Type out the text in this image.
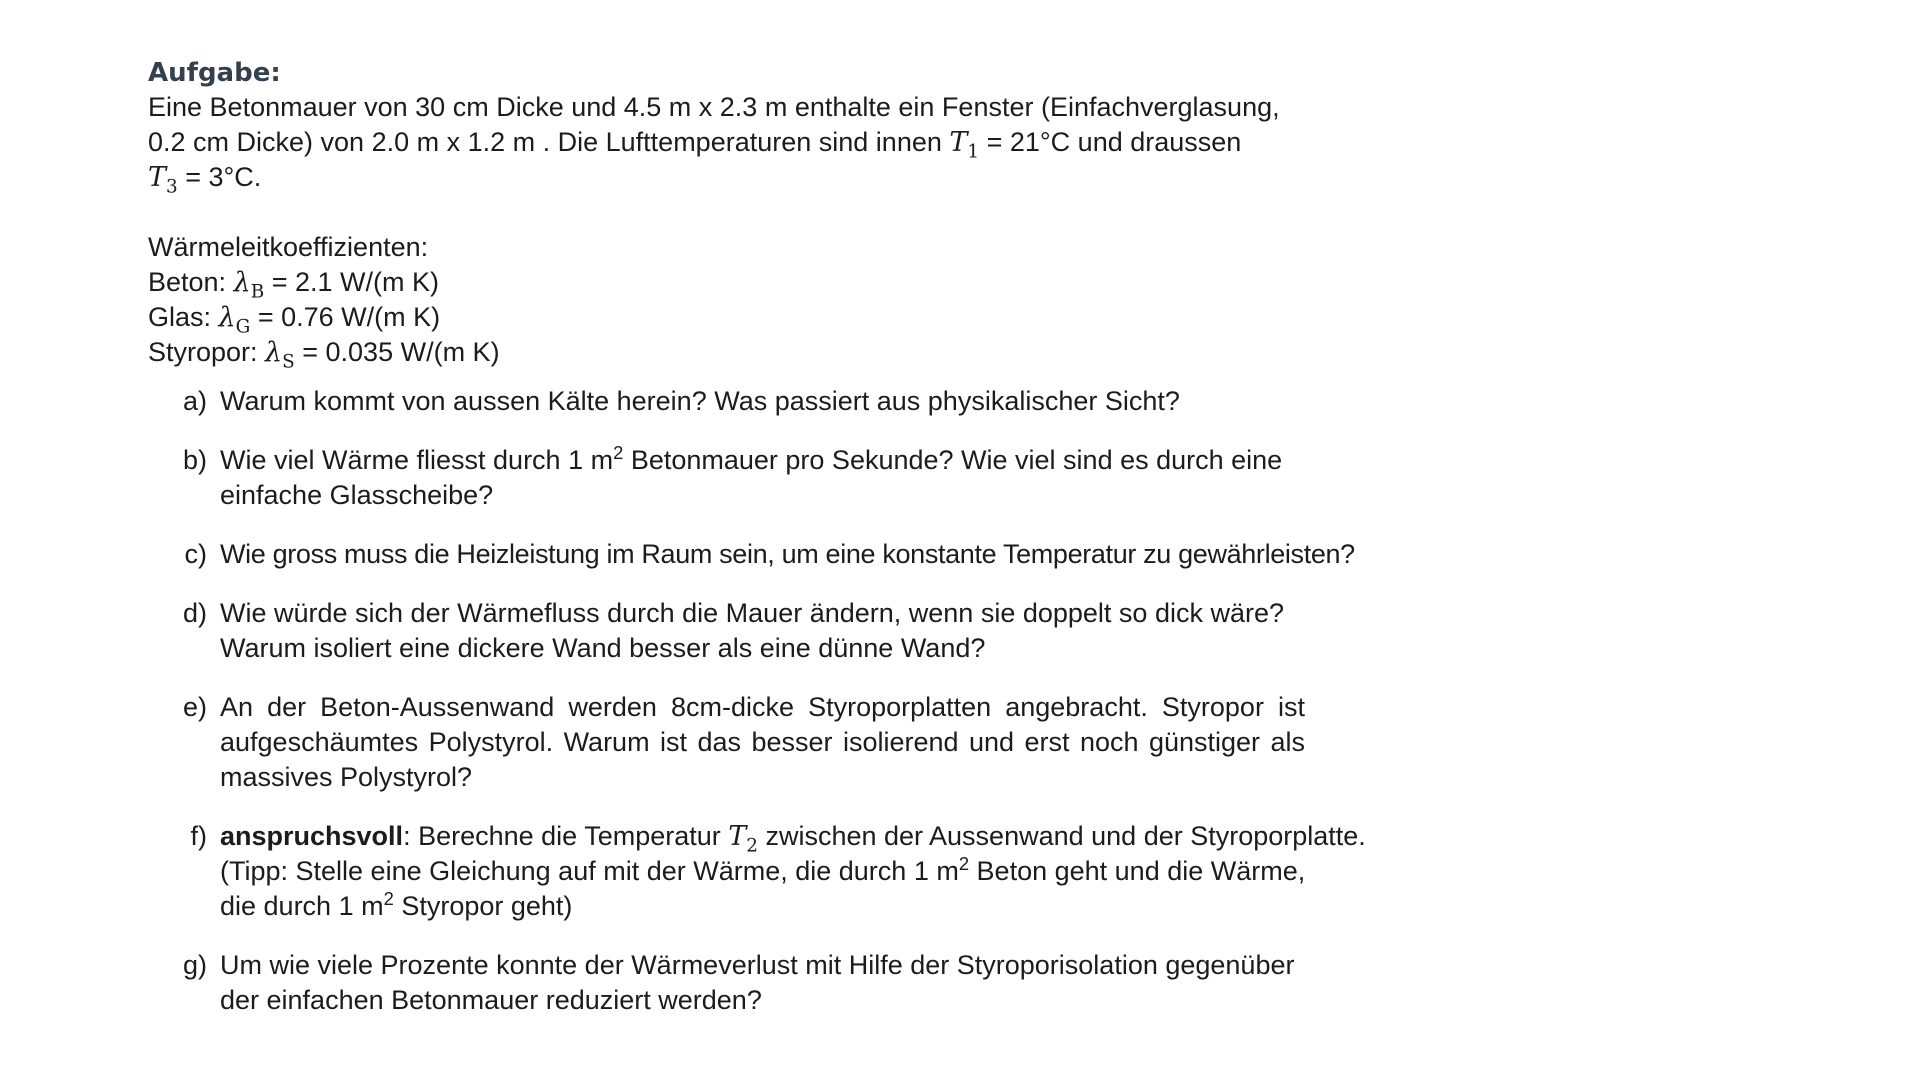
Aufgabe:

Eine Betonmauer von 30 cm Dicke und 4.5 m x 2.3 m enthalte ein Fenster (Einfachverglasung,
0.2 cm Dicke) von 2.0 m x 1.2 m . Die Lufttemperaturen sind innen $T_1 = 21^\circ C$ und draussen
$T_3 = 3^\circ C$.

Wärmeleitkoeffizienten:
Beton: $\lambda_B = 2.1$ W/(m K)
Glas: $\lambda_G = 0.76$ W/(m K)
Styropor: $\lambda_S = 0.035$ W/(m K)
a) Warum kommt von aussen Kälte herein? Was passiert aus physikalischer Sicht?
b) Wie viel Wärme fliesst durch 1 $m^2$ Betonmauer pro Sekunde? Wie viel sind es durch eine
einfache Glasscheibe?
c) Wie gross muss die Heizleistung im Raum sein, um eine konstante Temperatur zu gewährleisten?
d) Wie würde sich der Wärmefluss durch die Mauer ändern, wenn sie doppelt so dick wäre?
Warum isoliert eine dickere Wand besser als eine dünne Wand?
e) An der Beton-Aussenwand werden 8cm-dicke Styroporplatten angebracht. Styropor ist aufgeschäumtes Polystyrol. Warum ist das besser isolierend und erst noch günstiger als massives Polystyrol?
f) anspruchsvoll: Berechne die Temperatur $T_2$ zwischen der Aussenwand und der Styroporplatte.
(Tipp: Stelle eine Gleichung auf mit der Wärme, die durch 1 $m^2$ Beton geht und die Wärme,
die durch 1 $m^2$ Styropor geht)
g) Um wie viele Prozente konnte der Wärmeverlust mit Hilfe der Styroporisolation gegenüber
der einfachen Betonmauer reduziert werden?
